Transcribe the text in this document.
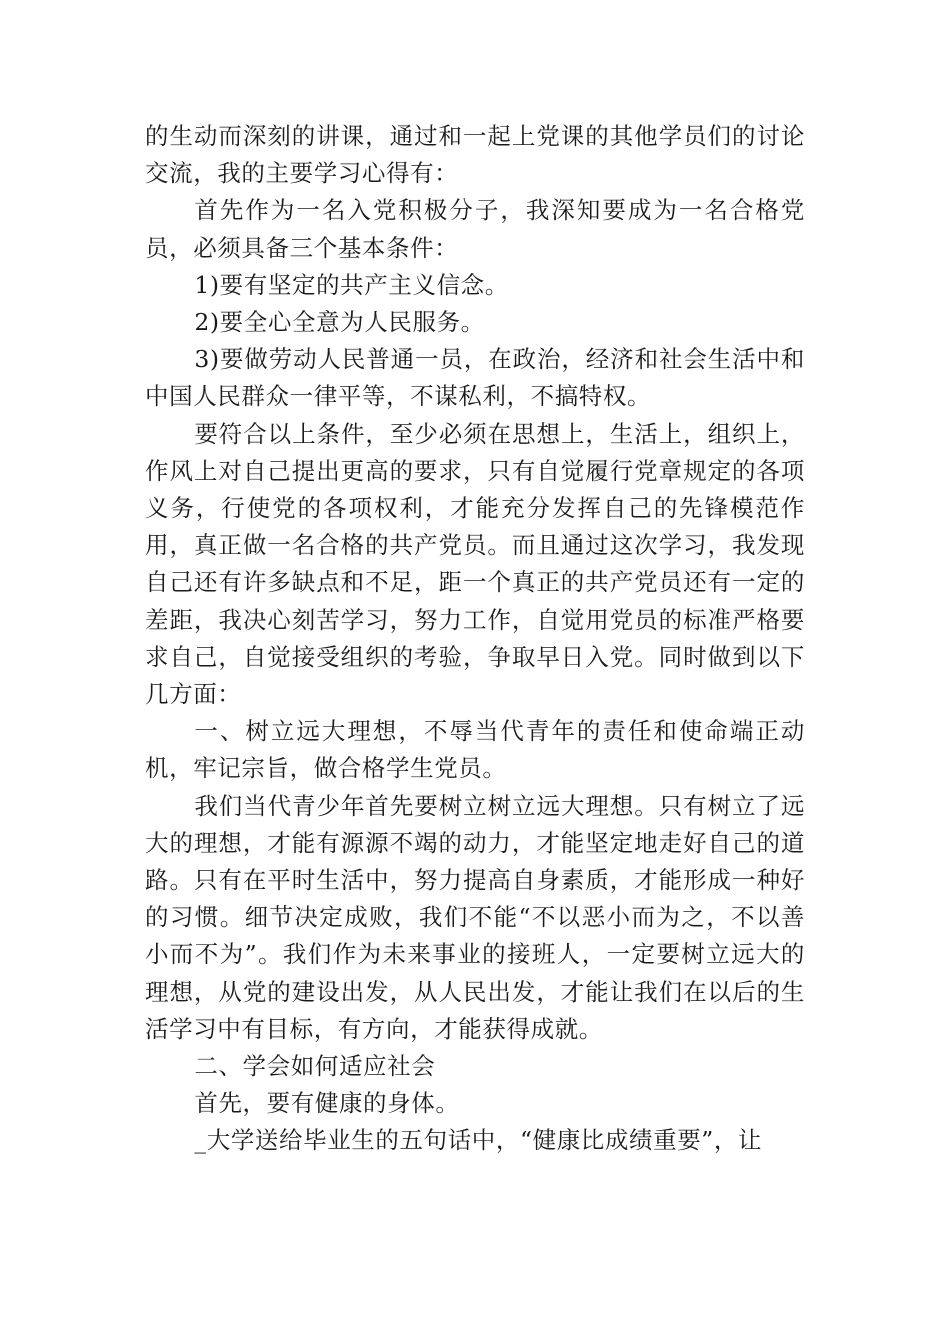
的生动而深刻的讲课，通过和一起上党课的其他学员们的讨论交流，我的主要学习心得有：

首先作为一名入党积极分子，我深知要成为一名合格党员，必须具备三个基本条件：

1)要有坚定的共产主义信念。

2)要全心全意为人民服务。

3)要做劳动人民普通一员，在政治，经济和社会生活中和中国人民群众一律平等，不谋私利，不搞特权。

要符合以上条件，至少必须在思想上，生活上，组织上，作风上对自己提出更高的要求，只有自觉履行党章规定的各项义务，行使党的各项权利，才能充分发挥自己的先锋模范作用，真正做一名合格的共产党员。而且通过这次学习，我发现自己还有许多缺点和不足，距一个真正的共产党员还有一定的差距，我决心刻苦学习，努力工作，自觉用党员的标准严格要求自己，自觉接受组织的考验，争取早日入党。同时做到以下几方面：

一、树立远大理想，不辱当代青年的责任和使命端正动机，牢记宗旨，做合格学生党员。

我们当代青少年首先要树立树立远大理想。只有树立了远大的理想，才能有源源不竭的动力，才能坚定地走好自己的道路。只有在平时生活中，努力提高自身素质，才能形成一种好的习惯。细节决定成败，我们不能“不以恶小而为之，不以善小而不为”。我们作为未来事业的接班人，一定要树立远大的理想，从党的建设出发，从人民出发，才能让我们在以后的生活学习中有目标，有方向，才能获得成就。

二、学会如何适应社会

首先，要有健康的身体。

_大学送给毕业生的五句话中，“健康比成绩重要”，让
